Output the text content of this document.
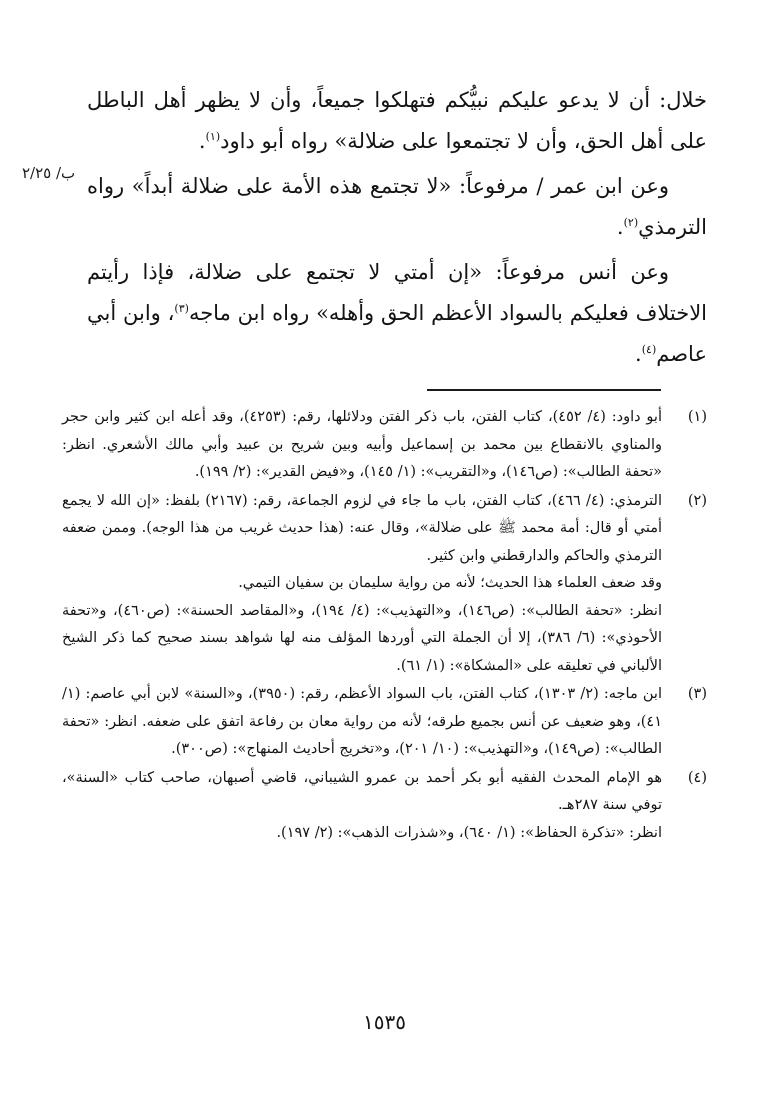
خلال: أن لا يدعو عليكم نبيُّكم فتهلكوا جميعاً، وأن لا يظهر أهل الباطل على أهل الحق، وأن لا تجتمعوا على ضلالة» رواه أبو داود$^{(١)}$.

وعن ابن عمر / مرفوعاً: «لا تجتمع هذه الأمة على ضلالة أبداً» رواه الترمذي$^{(٢)}$.

وعن أنس مرفوعاً: «إن أمتي لا تجتمع على ضلالة، فإذا رأيتم الاختلاف فعليكم بالسواد الأعظم الحق وأهله» رواه ابن ماجه$^{(٣)}$، وابن أبي عاصم$^{(٤)}$.

ب/ ٢/٢٥
(١)

أبو داود: (٤/ ٤٥٢)، كتاب الفتن، باب ذكر الفتن ودلائلها، رقم: (٤٢٥٣)، وقد أعله ابن كثير وابن حجر والمناوي بالانقطاع بين محمد بن إسماعيل وأبيه وبين شريح بن عبيد وأبي مالك الأشعري. انظر: «تحفة الطالب»: (ص١٤٦)، و«التقريب»: (١/ ١٤٥)، و«فيض القدير»: (٢/ ١٩٩).

(٢)

الترمذي: (٤/ ٤٦٦)، كتاب الفتن، باب ما جاء في لزوم الجماعة، رقم: (٢١٦٧) بلفظ: «إن الله لا يجمع أمتي أو قال: أمة محمد ﷺ على ضلالة»، وقال عنه: (هذا حديث غريب من هذا الوجه). وممن ضعفه الترمذي والحاكم والدارقطني وابن كثير.

وقد ضعف العلماء هذا الحديث؛ لأنه من رواية سليمان بن سفيان التيمي.

انظر: «تحفة الطالب»: (ص١٤٦)، و«التهذيب»: (٤/ ١٩٤)، و«المقاصد الحسنة»: (ص٤٦٠)، و«تحفة الأحوذي»: (٦/ ٣٨٦)، إلا أن الجملة التي أوردها المؤلف منه لها شواهد بسند صحيح كما ذكر الشيخ الألباني في تعليقه على «المشكاة»: (١/ ٦١).

(٣)

ابن ماجه: (٢/ ١٣٠٣)، كتاب الفتن، باب السواد الأعظم، رقم: (٣٩٥٠)، و«السنة» لابن أبي عاصم: (١/ ٤١)، وهو ضعيف عن أنس بجميع طرقه؛ لأنه من رواية معان بن رفاعة اتفق على ضعفه. انظر: «تحفة الطالب»: (ص١٤٩)، و«التهذيب»: (١٠/ ٢٠١)، و«تخريج أحاديث المنهاج»: (ص٣٠٠).

(٤)

هو الإمام المحدث الفقيه أبو بكر أحمد بن عمرو الشيباني، قاضي أصبهان، صاحب كتاب «السنة»، توفي سنة ٢٨٧هـ.

انظر: «تذكرة الحفاظ»: (١/ ٦٤٠)، و«شذرات الذهب»: (٢/ ١٩٧).

١٥٣٥
